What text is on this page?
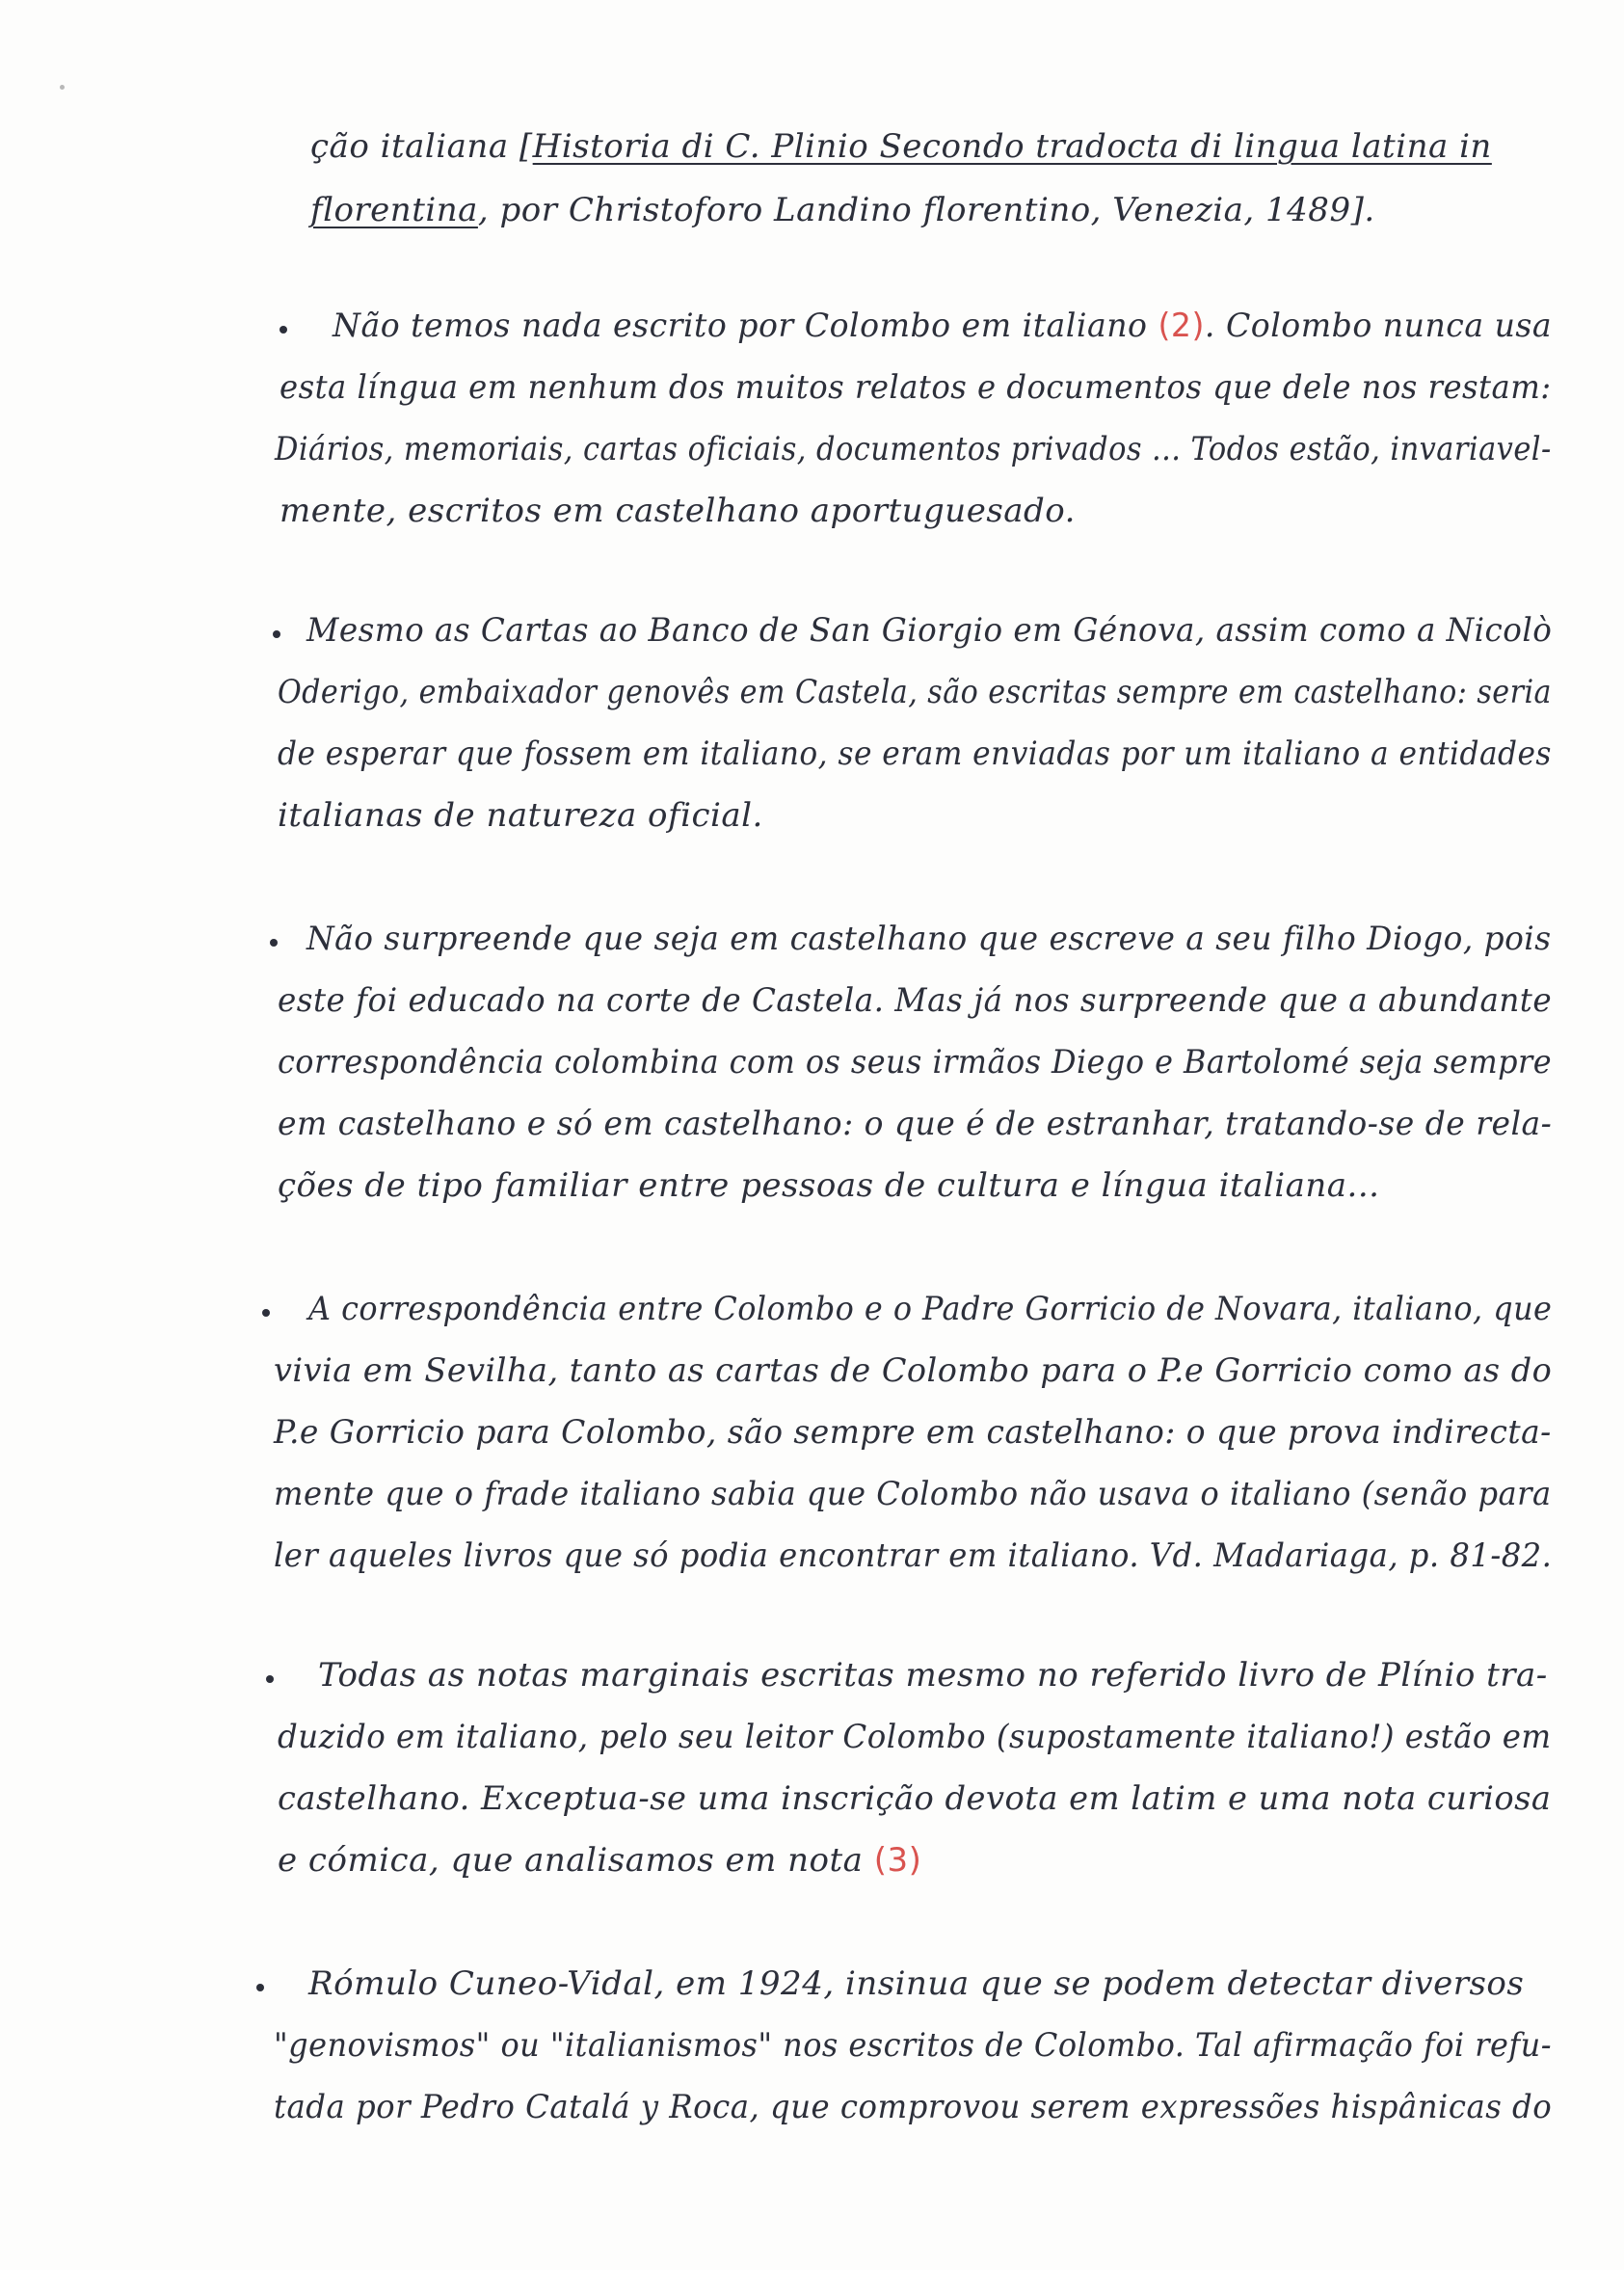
ção italiana [Historia di C. Plinio Secondo tradocta di lingua latina in
florentina, por Christoforo Landino florentino, Venezia, 1489].
Não temos nada escrito por Colombo em italiano (2). Colombo nunca usa
esta língua em nenhum dos muitos relatos e documentos que dele nos restam:
Diários, memoriais, cartas oficiais, documentos privados ... Todos estão, invariavel-
mente, escritos em castelhano aportuguesado.
Mesmo as Cartas ao Banco de San Giorgio em Génova, assim como a Nicolò
Oderigo, embaixador genovês em Castela, são escritas sempre em castelhano: seria
de esperar que fossem em italiano, se eram enviadas por um italiano a entidades
italianas de natureza oficial.
Não surpreende que seja em castelhano que escreve a seu filho Diogo, pois
este foi educado na corte de Castela. Mas já nos surpreende que a abundante
correspondência colombina com os seus irmãos Diego e Bartolomé seja sempre
em castelhano e só em castelhano: o que é de estranhar, tratando-se de rela-
ções de tipo familiar entre pessoas de cultura e língua italiana...
A correspondência entre Colombo e o Padre Gorricio de Novara, italiano, que
vivia em Sevilha, tanto as cartas de Colombo para o P.e Gorricio como as do
P.e Gorricio para Colombo, são sempre em castelhano: o que prova indirecta-
mente que o frade italiano sabia que Colombo não usava o italiano (senão para
ler aqueles livros que só podia encontrar em italiano. Vd. Madariaga, p. 81-82.
Todas as notas marginais escritas mesmo no referido livro de Plínio tra-
duzido em italiano, pelo seu leitor Colombo (supostamente italiano!) estão em
castelhano. Exceptua-se uma inscrição devota em latim e uma nota curiosa
e cómica, que analisamos em nota (3)
Rómulo Cuneo-Vidal, em 1924, insinua que se podem detectar diversos
"genovismos" ou "italianismos" nos escritos de Colombo. Tal afirmação foi refu-
tada por Pedro Catalá y Roca, que comprovou serem expressões hispânicas do
